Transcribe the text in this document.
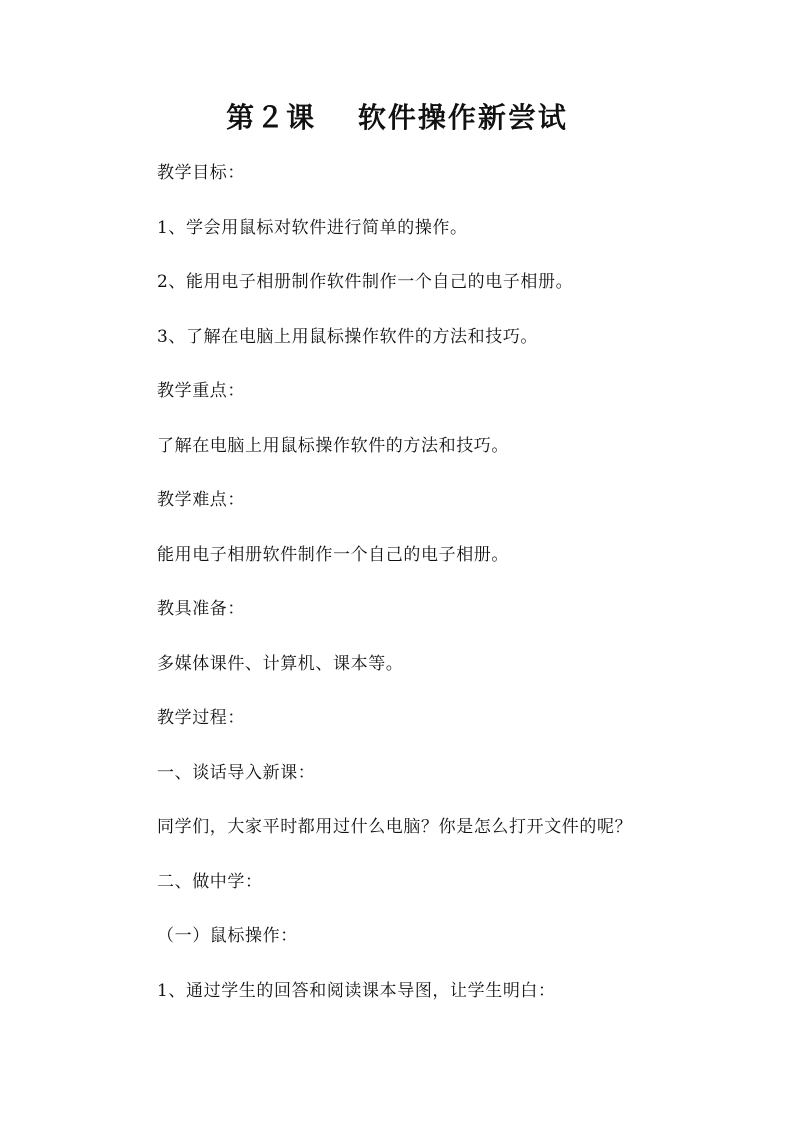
第２课　 软件操作新尝试

教学目标：

1、学会用鼠标对软件进行简单的操作。

2、能用电子相册制作软件制作一个自己的电子相册。

3、了解在电脑上用鼠标操作软件的方法和技巧。

教学重点：

了解在电脑上用鼠标操作软件的方法和技巧。

教学难点：

能用电子相册软件制作一个自己的电子相册。

教具准备：

多媒体课件、计算机、课本等。

教学过程：

一、谈话导入新课：

同学们，大家平时都用过什么电脑？你是怎么打开文件的呢？

二、做中学：

（一）鼠标操作：

1、通过学生的回答和阅读课本导图，让学生明白：
